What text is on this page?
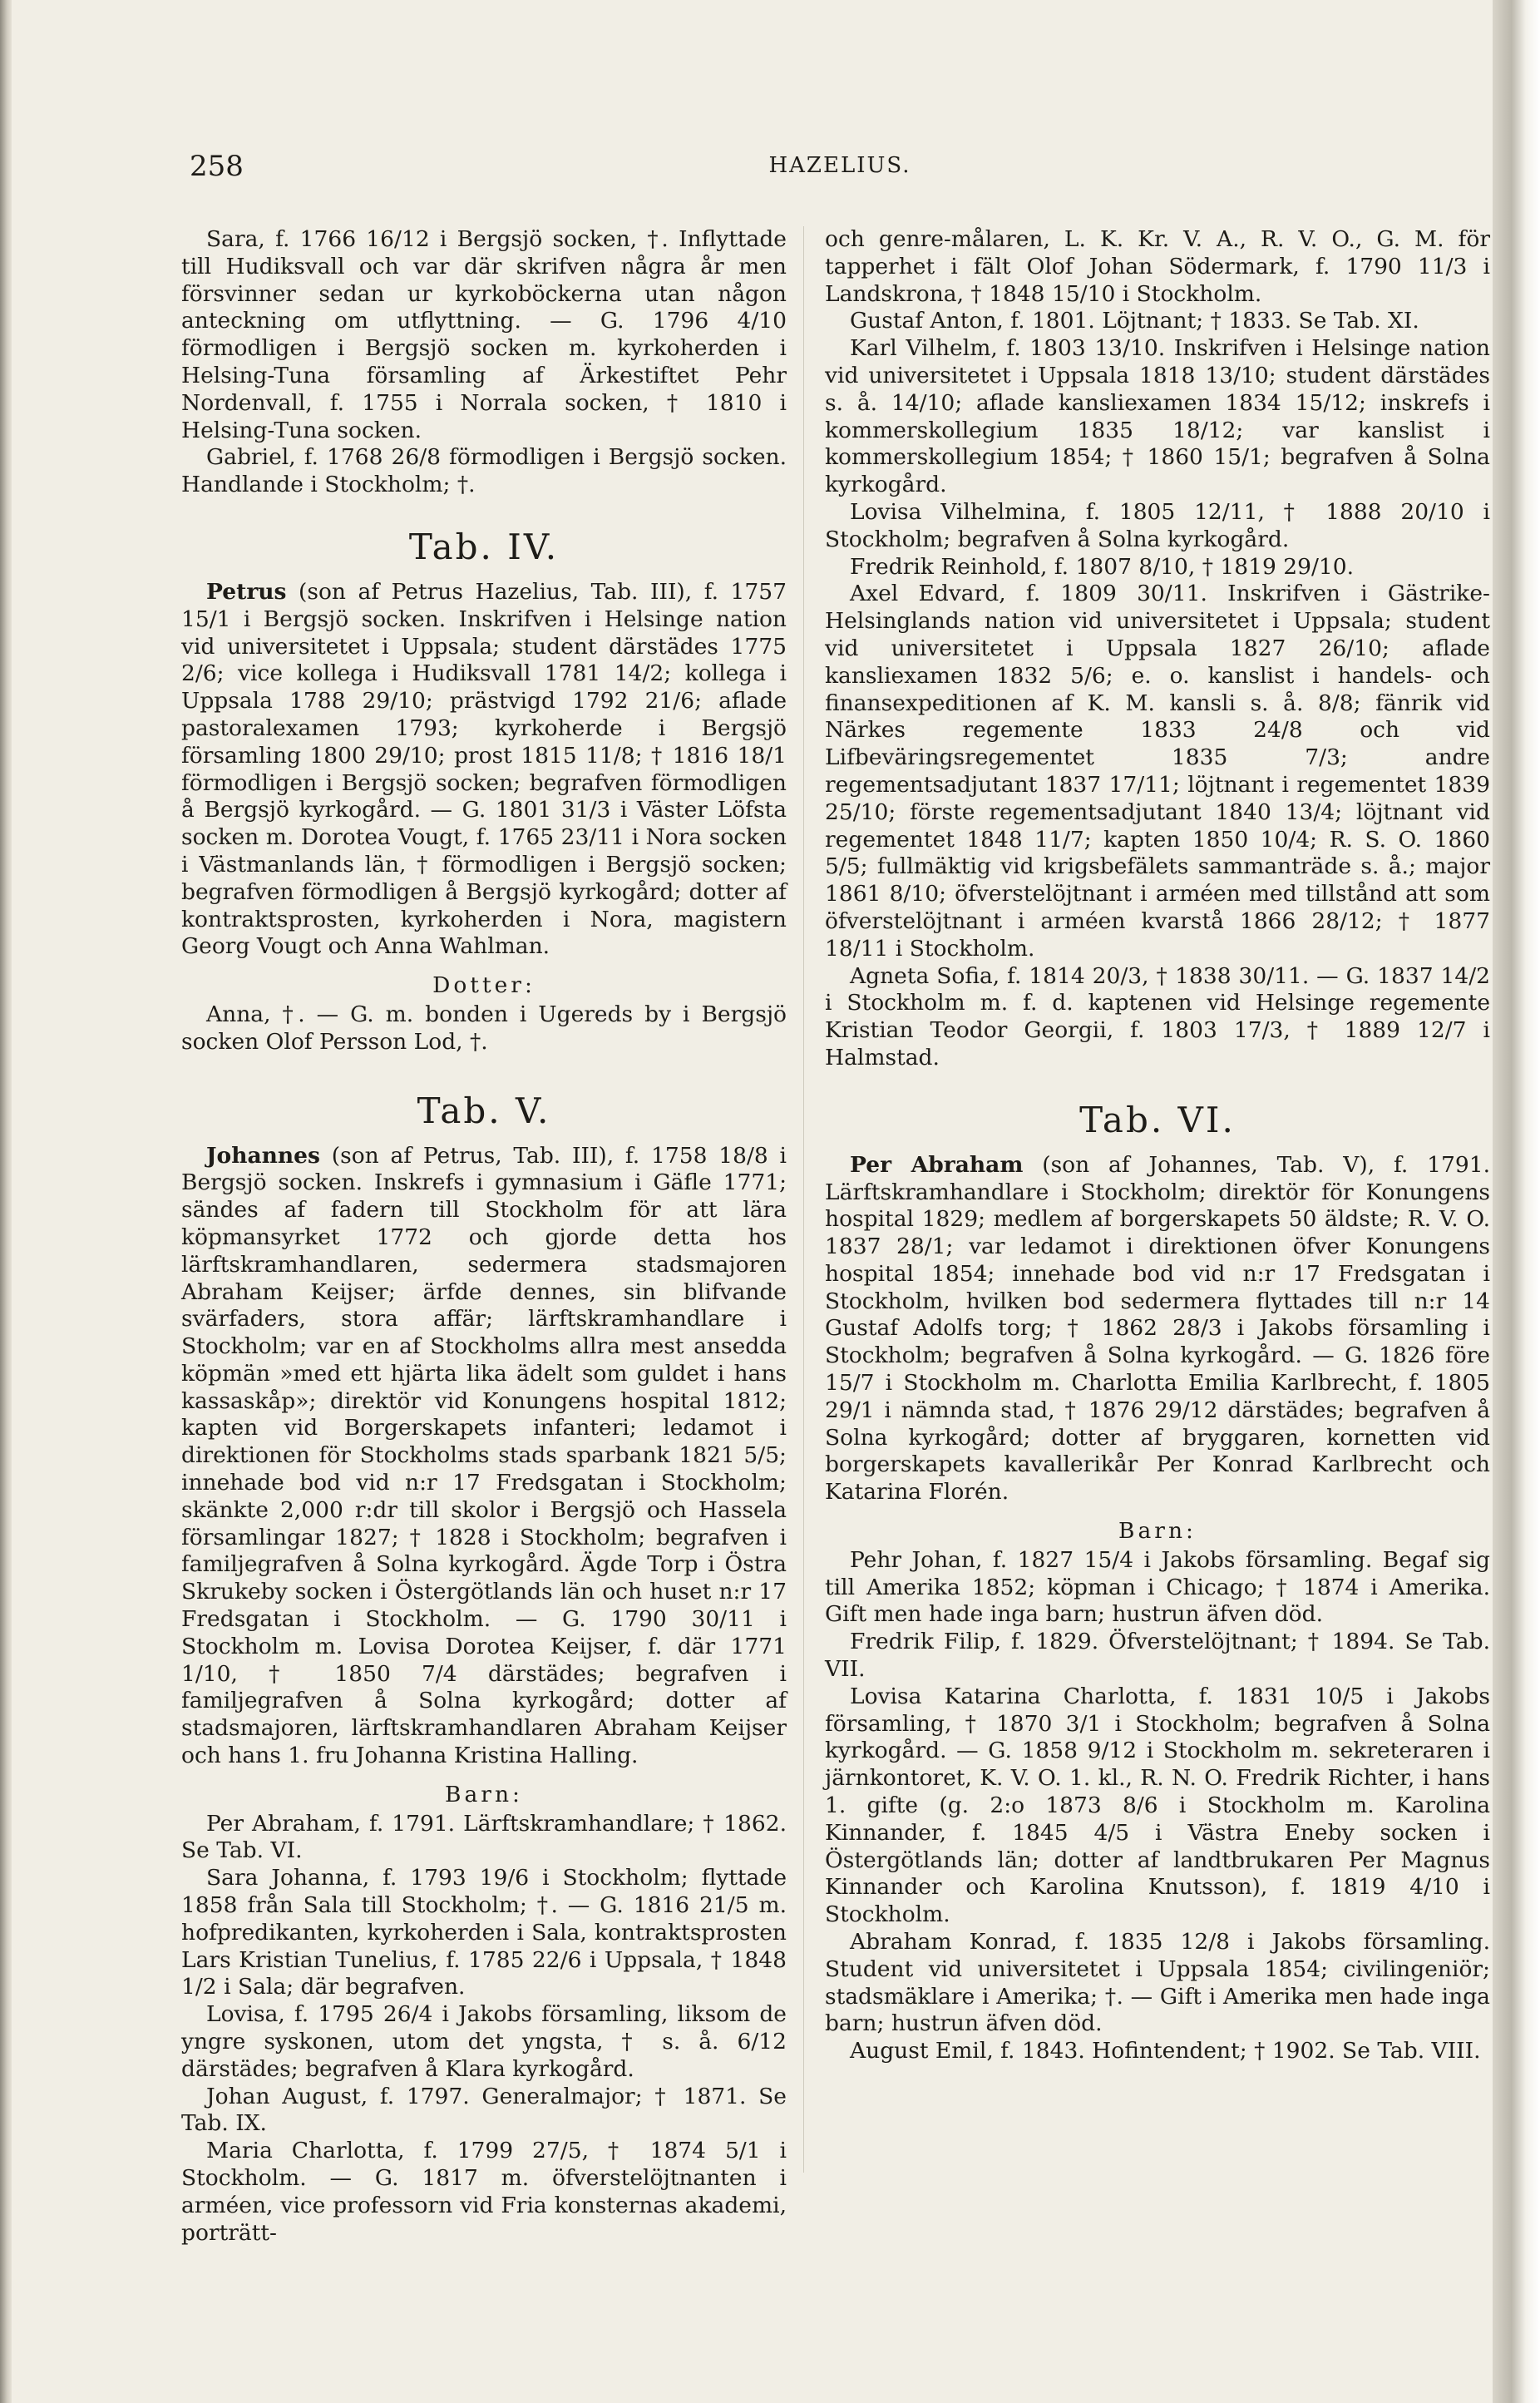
258	HAZELIUS.

Sara, f. 1766 16/12 i Bergsjö socken, †. Inflyttade till Hudiksvall och var där skrifven några år men försvinner sedan ur kyrkoböckerna utan någon anteckning om utflyttning. — G. 1796 4/10 förmodligen i Bergsjö socken m. kyrkoherden i Helsing-Tuna församling af Ärkestiftet Pehr Nordenvall, f. 1755 i Norrala socken, † 1810 i Helsing-Tuna socken.

Gabriel, f. 1768 26/8 förmodligen i Bergsjö socken. Handlande i Stockholm; †.

Tab. IV.

Petrus (son af Petrus Hazelius, Tab. III), f. 1757 15/1 i Bergsjö socken. Inskrifven i Helsinge nation vid universitetet i Uppsala; student därstädes 1775 2/6; vice kollega i Hudiksvall 1781 14/2; kollega i Uppsala 1788 29/10; prästvigd 1792 21/6; aflade pastoralexamen 1793; kyrkoherde i Bergsjö församling 1800 29/10; prost 1815 11/8; † 1816 18/1 förmodligen i Bergsjö socken; begrafven förmodligen å Bergsjö kyrkogård. — G. 1801 31/3 i Väster Löfsta socken m. Dorotea Vougt, f. 1765 23/11 i Nora socken i Västmanlands län, † förmodligen i Bergsjö socken; begrafven förmodligen å Bergsjö kyrkogård; dotter af kontraktsprosten, kyrkoherden i Nora, magistern Georg Vougt och Anna Wahlman.

Dotter:

Anna, †. — G. m. bonden i Ugereds by i Bergsjö socken Olof Persson Lod, †.

Tab. V.

Johannes (son af Petrus, Tab. III), f. 1758 18/8 i Bergsjö socken. Inskrefs i gymnasium i Gäfle 1771; sändes af fadern till Stockholm för att lära köpmansyrket 1772 och gjorde detta hos lärftskramhandlaren, sedermera stadsmajoren Abraham Keijser; ärfde dennes, sin blifvande svärfaders, stora affär; lärftskramhandlare i Stockholm; var en af Stockholms allra mest ansedda köpmän »med ett hjärta lika ädelt som guldet i hans kassaskåp»; direktör vid Konungens hospital 1812; kapten vid Borgerskapets infanteri; ledamot i direktionen för Stockholms stads sparbank 1821 5/5; innehade bod vid n:r 17 Fredsgatan i Stockholm; skänkte 2,000 r:dr till skolor i Bergsjö och Hassela församlingar 1827; † 1828 i Stockholm; begrafven i familjegrafven å Solna kyrkogård. Ägde Torp i Östra Skrukeby socken i Östergötlands län och huset n:r 17 Fredsgatan i Stockholm. — G. 1790 30/11 i Stockholm m. Lovisa Dorotea Keijser, f. där 1771 1/10, † 1850 7/4 därstädes; begrafven i familjegrafven å Solna kyrkogård; dotter af stadsmajoren, lärftskramhandlaren Abraham Keijser och hans 1. fru Johanna Kristina Halling.

Barn:

Per Abraham, f. 1791. Lärftskramhandlare; † 1862. Se Tab. VI.

Sara Johanna, f. 1793 19/6 i Stockholm; flyttade 1858 från Sala till Stockholm; †. — G. 1816 21/5 m. hofpredikanten, kyrkoherden i Sala, kontraktsprosten Lars Kristian Tunelius, f. 1785 22/6 i Uppsala, † 1848 1/2 i Sala; där begrafven.

Lovisa, f. 1795 26/4 i Jakobs församling, liksom de yngre syskonen, utom det yngsta, † s. å. 6/12 därstädes; begrafven å Klara kyrkogård.

Johan August, f. 1797. Generalmajor; † 1871. Se Tab. IX.

Maria Charlotta, f. 1799 27/5, † 1874 5/1 i Stockholm. — G. 1817 m. öfverstelöjtnanten i arméen, vice professorn vid Fria konsternas akademi, porträtt-

och genre-målaren, L. K. Kr. V. A., R. V. O., G. M. för tapperhet i fält Olof Johan Södermark, f. 1790 11/3 i Landskrona, † 1848 15/10 i Stockholm.

Gustaf Anton, f. 1801. Löjtnant; † 1833. Se Tab. XI.

Karl Vilhelm, f. 1803 13/10. Inskrifven i Helsinge nation vid universitetet i Uppsala 1818 13/10; student därstädes s. å. 14/10; aflade kansliexamen 1834 15/12; inskrefs i kommerskollegium 1835 18/12; var kanslist i kommerskollegium 1854; † 1860 15/1; begrafven å Solna kyrkogård.

Lovisa Vilhelmina, f. 1805 12/11, † 1888 20/10 i Stockholm; begrafven å Solna kyrkogård.

Fredrik Reinhold, f. 1807 8/10, † 1819 29/10.

Axel Edvard, f. 1809 30/11. Inskrifven i Gästrike-Helsinglands nation vid universitetet i Uppsala; student vid universitetet i Uppsala 1827 26/10; aflade kansliexamen 1832 5/6; e. o. kanslist i handels- och finansexpeditionen af K. M. kansli s. å. 8/8; fänrik vid Närkes regemente 1833 24/8 och vid Lifbeväringsregementet 1835 7/3; andre regementsadjutant 1837 17/11; löjtnant i regementet 1839 25/10; förste regementsadjutant 1840 13/4; löjtnant vid regementet 1848 11/7; kapten 1850 10/4; R. S. O. 1860 5/5; fullmäktig vid krigsbefälets sammanträde s. å.; major 1861 8/10; öfverstelöjtnant i arméen med tillstånd att som öfverstelöjtnant i arméen kvarstå 1866 28/12; † 1877 18/11 i Stockholm.

Agneta Sofia, f. 1814 20/3, † 1838 30/11. — G. 1837 14/2 i Stockholm m. f. d. kaptenen vid Helsinge regemente Kristian Teodor Georgii, f. 1803 17/3, † 1889 12/7 i Halmstad.

Tab. VI.

Per Abraham (son af Johannes, Tab. V), f. 1791. Lärftskramhandlare i Stockholm; direktör för Konungens hospital 1829; medlem af borgerskapets 50 äldste; R. V. O. 1837 28/1; var ledamot i direktionen öfver Konungens hospital 1854; innehade bod vid n:r 17 Fredsgatan i Stockholm, hvilken bod sedermera flyttades till n:r 14 Gustaf Adolfs torg; † 1862 28/3 i Jakobs församling i Stockholm; begrafven å Solna kyrkogård. — G. 1826 före 15/7 i Stockholm m. Charlotta Emilia Karlbrecht, f. 1805 29/1 i nämnda stad, † 1876 29/12 därstädes; begrafven å Solna kyrkogård; dotter af bryggaren, kornetten vid borgerskapets kavallerikår Per Konrad Karlbrecht och Katarina Florén.

Barn:

Pehr Johan, f. 1827 15/4 i Jakobs församling. Begaf sig till Amerika 1852; köpman i Chicago; † 1874 i Amerika. Gift men hade inga barn; hustrun äfven död.

Fredrik Filip, f. 1829. Öfverstelöjtnant; † 1894. Se Tab. VII.

Lovisa Katarina Charlotta, f. 1831 10/5 i Jakobs församling, † 1870 3/1 i Stockholm; begrafven å Solna kyrkogård. — G. 1858 9/12 i Stockholm m. sekreteraren i järnkontoret, K. V. O. 1. kl., R. N. O. Fredrik Richter, i hans 1. gifte (g. 2:o 1873 8/6 i Stockholm m. Karolina Kinnander, f. 1845 4/5 i Västra Eneby socken i Östergötlands län; dotter af landtbrukaren Per Magnus Kinnander och Karolina Knutsson), f. 1819 4/10 i Stockholm.

Abraham Konrad, f. 1835 12/8 i Jakobs församling. Student vid universitetet i Uppsala 1854; civilingeniör; stadsmäklare i Amerika; †. — Gift i Amerika men hade inga barn; hustrun äfven död.

August Emil, f. 1843. Hofintendent; † 1902. Se Tab. VIII.
